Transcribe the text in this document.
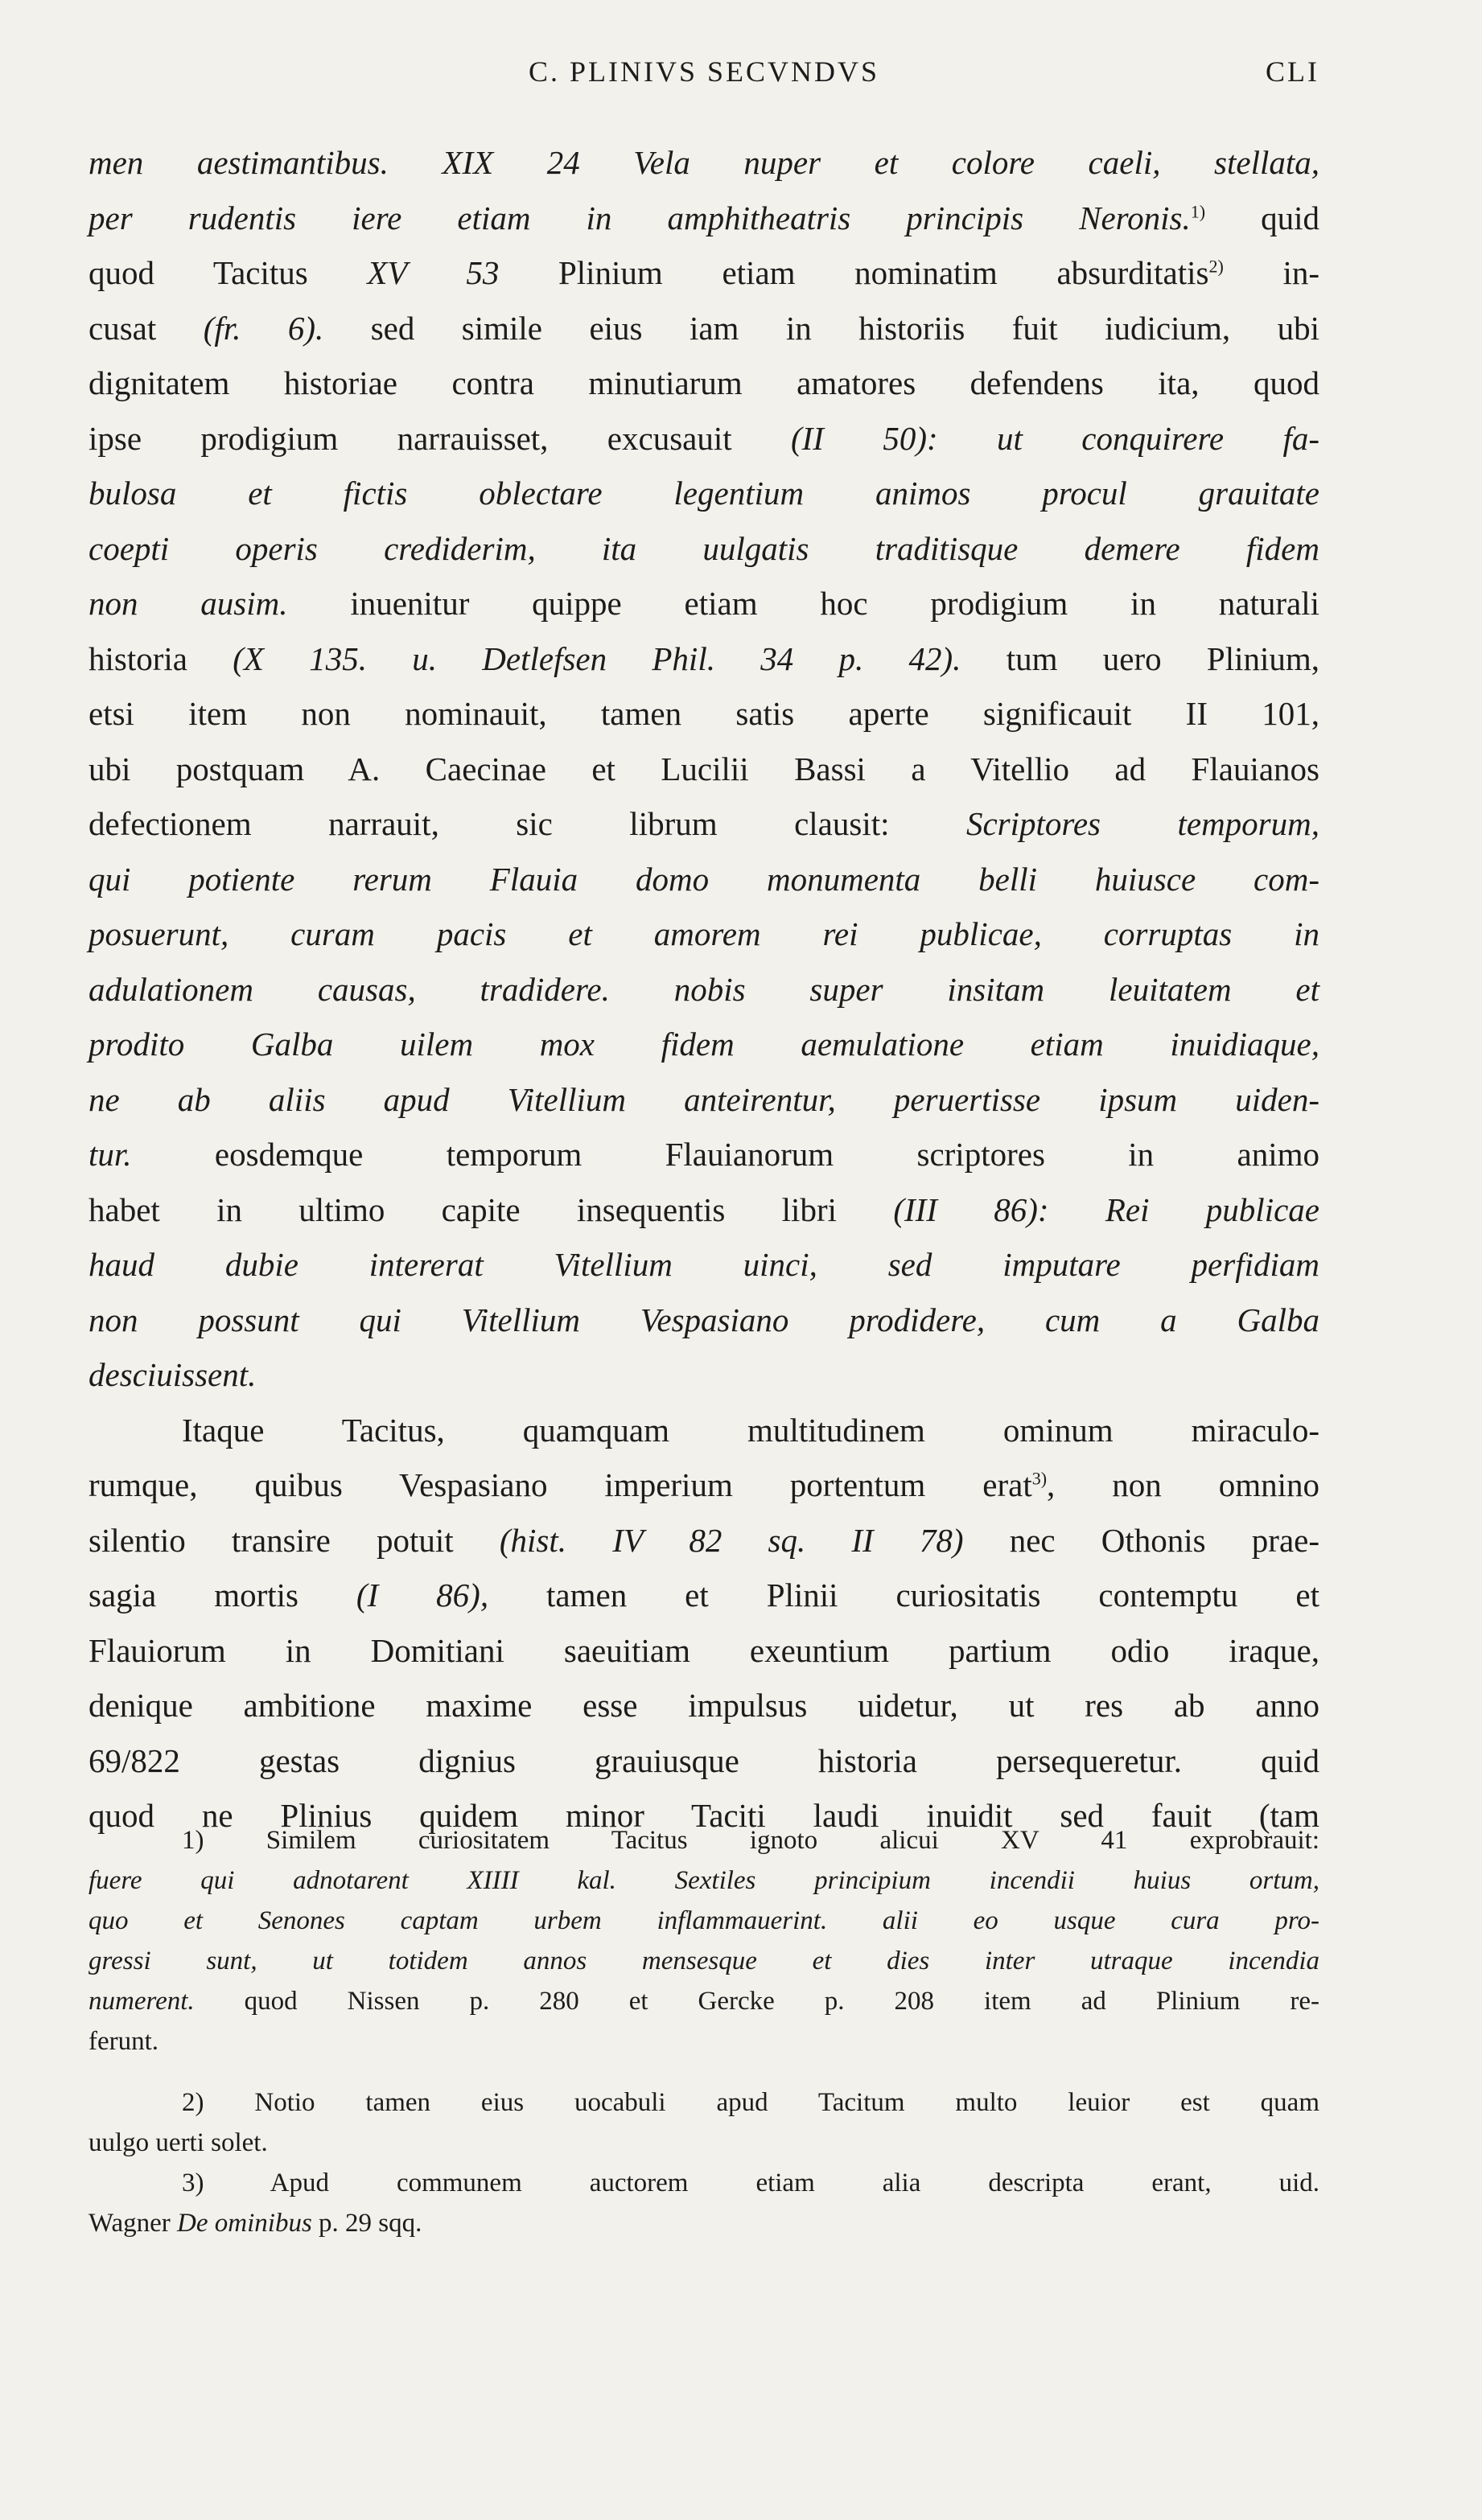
C. PLINIVS SECVNDVS	CLI
men aestimantibus. XIX 24 Vela nuper et colore caeli, stellata,
per rudentis iere etiam in amphitheatris principis Neronis.$^{1)}$ quid
quod Tacitus XV 53 Plinium etiam nominatim absurditatis$^{2)}$ in-
cusat (fr. 6). sed simile eius iam in historiis fuit iudicium, ubi
dignitatem historiae contra minutiarum amatores defendens ita, quod
ipse prodigium narrauisset, excusauit (II 50): ut conquirere fa-
bulosa et fictis oblectare legentium animos procul grauitate
coepti operis crediderim, ita uulgatis traditisque demere fidem
non ausim. inuenitur quippe etiam hoc prodigium in naturali
historia (X 135. u. Detlefsen Phil. 34 p. 42). tum uero Plinium,
etsi item non nominauit, tamen satis aperte significauit II 101,
ubi postquam A. Caecinae et Lucilii Bassi a Vitellio ad Flauianos
defectionem narrauit, sic librum clausit: Scriptores temporum,
qui potiente rerum Flauia domo monumenta belli huiusce com-
posuerunt, curam pacis et amorem rei publicae, corruptas in
adulationem causas, tradidere. nobis super insitam leuitatem et
prodito Galba uilem mox fidem aemulatione etiam inuidiaque,
ne ab aliis apud Vitellium anteirentur, peruertisse ipsum uiden-
tur. eosdemque temporum Flauianorum scriptores in animo
habet in ultimo capite insequentis libri (III 86): Rei publicae
haud dubie intererat Vitellium uinci, sed imputare perfidiam
non possunt qui Vitellium Vespasiano prodidere, cum a Galba
desciuissent.
Itaque Tacitus, quamquam multitudinem ominum miraculo-
rumque, quibus Vespasiano imperium portentum erat$^{3)}$, non omnino
silentio transire potuit (hist. IV 82 sq. II 78) nec Othonis prae-
sagia mortis (I 86), tamen et Plinii curiositatis contemptu et
Flauiorum in Domitiani saeuitiam exeuntium partium odio iraque,
denique ambitione maxime esse impulsus uidetur, ut res ab anno
69/822 gestas dignius grauiusque historia persequeretur. quid
quod ne Plinius quidem minor Taciti laudi inuidit sed fauit (tam
1) Similem curiositatem Tacitus ignoto alicui XV 41 exprobrauit:
fuere qui adnotarent XIIII kal. Sextiles principium incendii huius ortum,
quo et Senones captam urbem inflammauerint. alii eo usque cura pro-
gressi sunt, ut totidem annos mensesque et dies inter utraque incendia
numerent. quod Nissen p. 280 et Gercke p. 208 item ad Plinium re-
ferunt.
2) Notio tamen eius uocabuli apud Tacitum multo leuior est quam
uulgo uerti solet.
3) Apud communem auctorem etiam alia descripta erant, uid.
Wagner De ominibus p. 29 sqq.
